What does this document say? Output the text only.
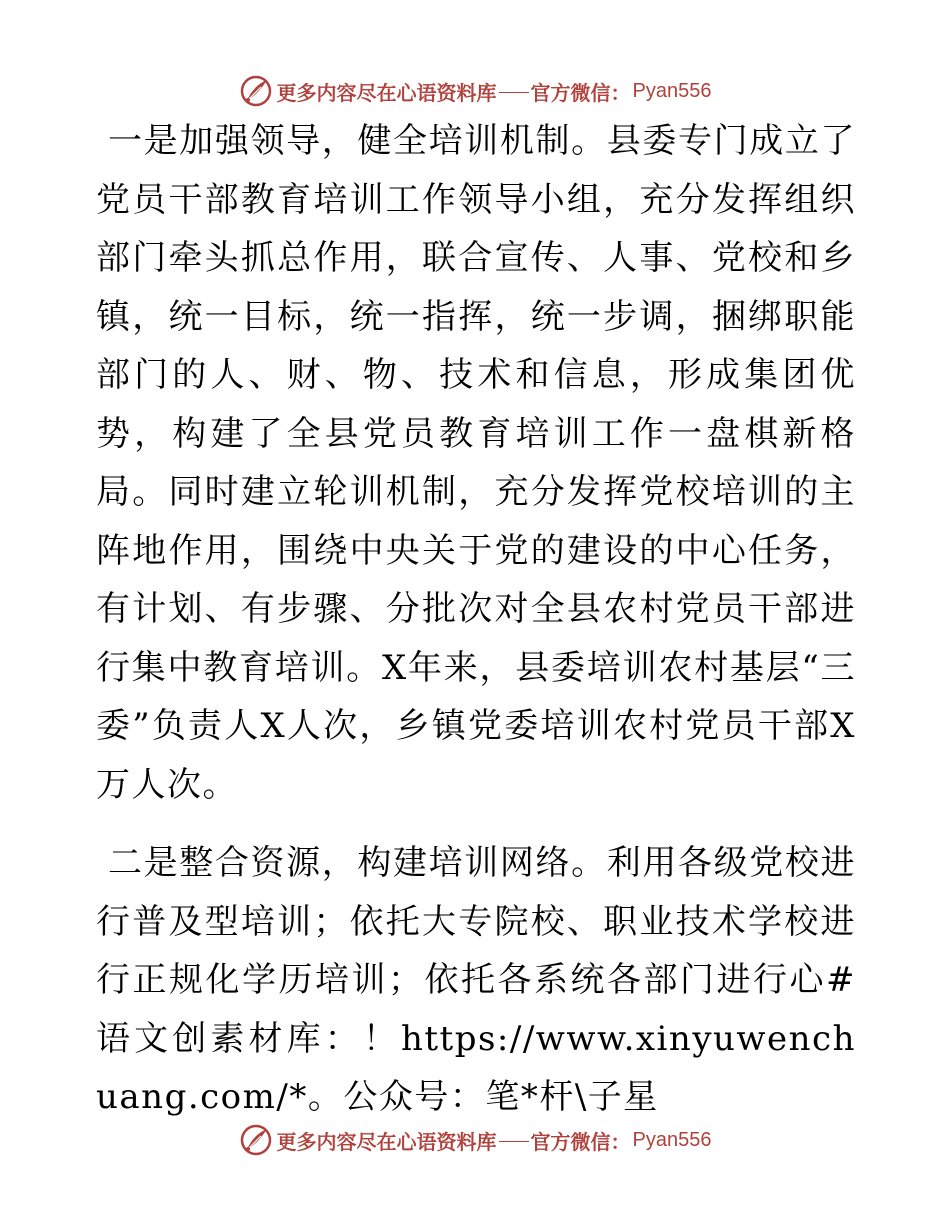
更多内容尽在心语资料库 官方微信： Pyan556

一是加强领导，健全培训机制。县委专门成立了党员干部教育培训工作领导小组，充分发挥组织部门牵头抓总作用，联合宣传、人事、党校和乡镇，统一目标，统一指挥，统一步调，捆绑职能部门的人、财、物、技术和信息，形成集团优势，构建了全县党员教育培训工作一盘棋新格局。同时建立轮训机制，充分发挥党校培训的主阵地作用，围绕中央关于党的建设的中心任务，有计划、有步骤、分批次对全县农村党员干部进行集中教育培训。X年来，县委培训农村基层“三委”负责人X人次，乡镇党委培训农村党员干部X万人次。

二是整合资源，构建培训网络。利用各级党校进行普及型培训；依托大专院校、职业技术学校进行正规化学历培训；依托各系统各部门进行心#语文创素材库：！https://www.xinyuwenchuang.com/*。公众号：笔*杆\子星

更多内容尽在心语资料库 官方微信： Pyan556
